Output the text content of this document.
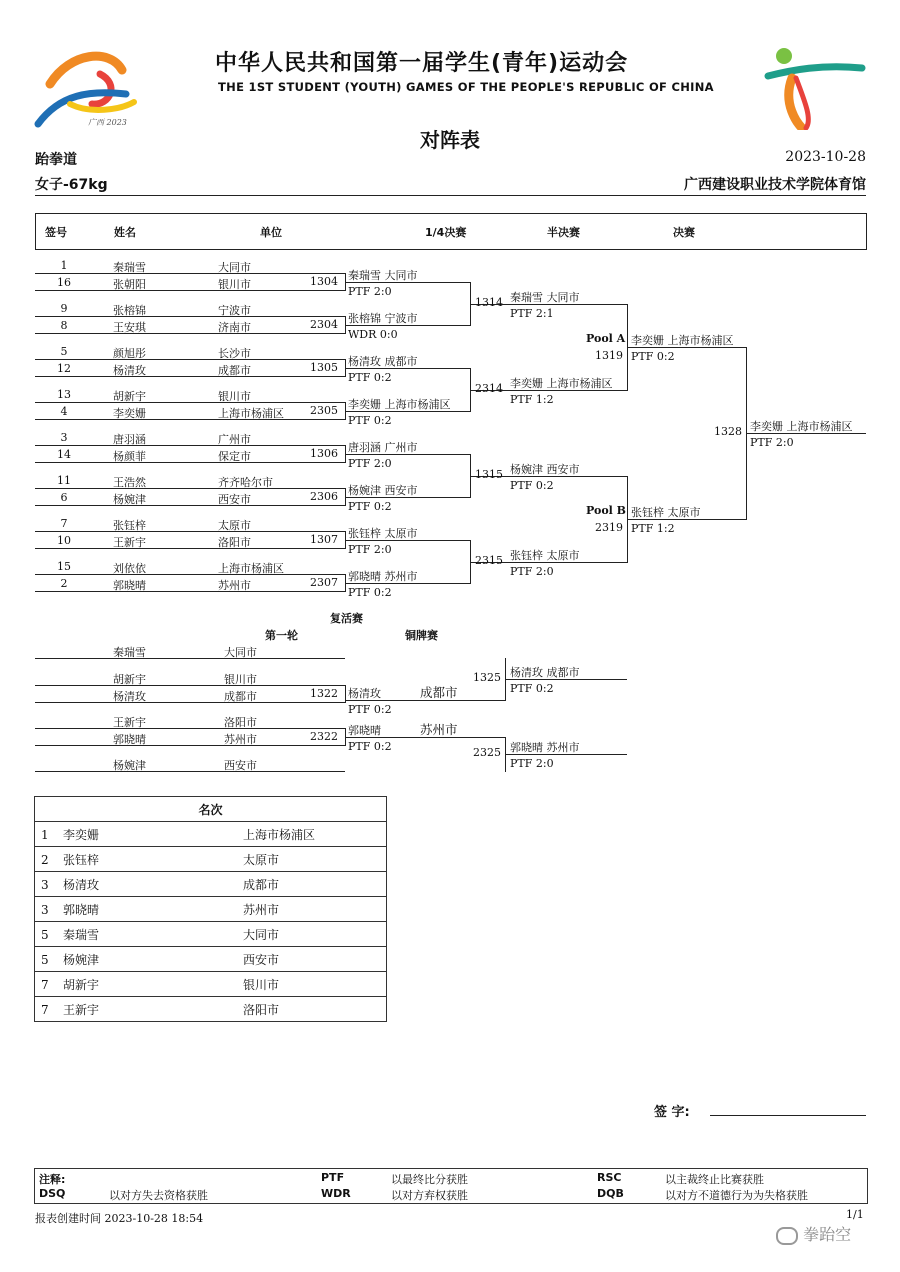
广西 2023
中华人民共和国第一届学生(青年)运动会
THE 1ST STUDENT (YOUTH) GAMES OF THE PEOPLE'S REPUBLIC OF CHINA
对阵表
跆拳道	2023-10-28
女子-67kg	广西建设职业技术学院体育馆
签号	姓名	单位	1/4决赛	半决赛	决赛
1	秦瑞雪	大同市
16	张朝阳	银川市
9	张榕锦	宁波市
8	王安琪	济南市
5	颜旭彤	长沙市
12	杨清玫	成都市
13	胡新宇	银川市
4	李奕姗	上海市杨浦区
3	唐羽涵	广州市
14	杨颜菲	保定市
11	王浩然	齐齐哈尔市
6	杨婉津	西安市
7	张钰梓	太原市
10	王新宇	洛阳市
15	刘依依	上海市杨浦区
2	郭晓晴	苏州市
1304 秦瑞雪 大同市
PTF 2:0
2304 张榕锦 宁波市
WDR 0:0
1305 杨清玫 成都市
PTF 0:2
2305 李奕姗 上海市杨浦区
PTF 0:2
1306 唐羽涵 广州市
PTF 2:0
2306 杨婉津 西安市
PTF 0:2
1307 张钰梓 太原市
PTF 2:0
2307 郭晓晴 苏州市
PTF 0:2
1314 秦瑞雪 大同市
PTF 2:1
2314 李奕姗 上海市杨浦区
PTF 1:2
1315 杨婉津 西安市
PTF 0:2
2315 张钰梓 太原市
PTF 2:0
Pool A
1319
李奕姗 上海市杨浦区
PTF 0:2
Pool B
2319
张钰梓 太原市
PTF 1:2
1328 李奕姗 上海市杨浦区
PTF 2:0
复活赛
第一轮	铜牌赛
秦瑞雪	大同市
胡新宇	银川市
杨清玫	成都市	1322 杨清玫	成都市
PTF 0:2
1325 杨清玫 成都市
PTF 0:2
王新宇	洛阳市
郭晓晴	苏州市
杨婉津	西安市
2322 郭晓晴	苏州市
PTF 0:2	2325 郭晓晴 苏州市
PTF 2:0
名次	
1 李奕姗	上海市杨浦区
2 张钰梓	太原市
3 杨清玫	成都市
3 郭晓晴	苏州市
5 秦瑞雪	大同市
5 杨婉津	西安市
7 胡新宇	银川市
7 王新宇	洛阳市
签 字:
注释:
DSQ	以对方失去资格获胜
PTF	以最终比分获胜
WDR	以对方弃权获胜
RSC	以主裁终止比赛获胜
DQB	以对方不道德行为为失格获胜
报表创建时间 2023-10-28 18:54	1/1
拳跆空
